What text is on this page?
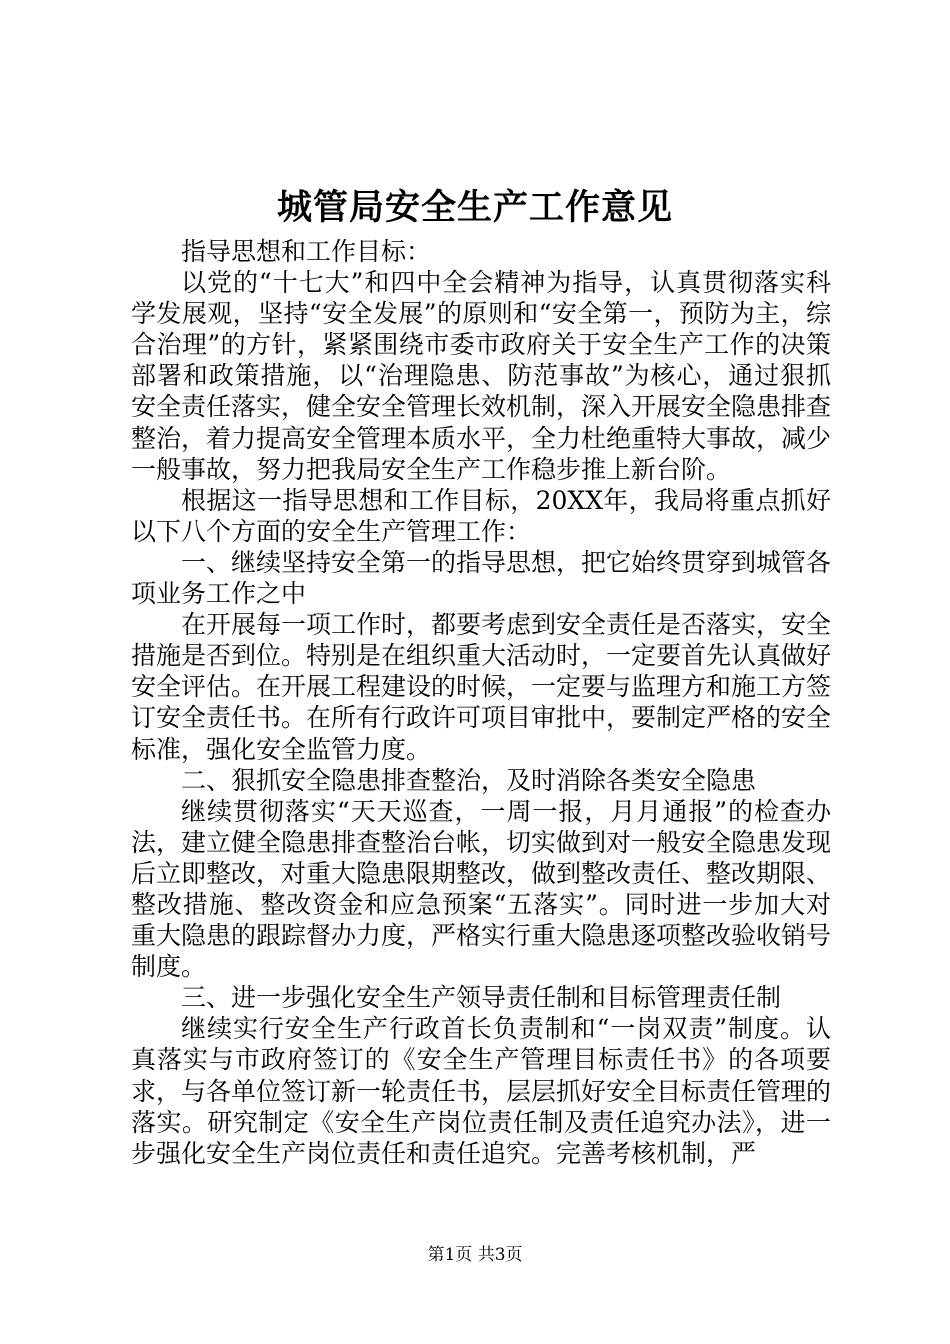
城管局安全生产工作意见

指导思想和工作目标：

以党的“十七大”和四中全会精神为指导，认真贯彻落实科学发展观，坚持“安全发展”的原则和“安全第一，预防为主，综合治理”的方针，紧紧围绕市委市政府关于安全生产工作的决策部署和政策措施，以“治理隐患、防范事故”为核心，通过狠抓安全责任落实，健全安全管理长效机制，深入开展安全隐患排查整治，着力提高安全管理本质水平，全力杜绝重特大事故，减少一般事故，努力把我局安全生产工作稳步推上新台阶。

根据这一指导思想和工作目标，20XX年，我局将重点抓好以下八个方面的安全生产管理工作：

一、继续坚持安全第一的指导思想，把它始终贯穿到城管各项业务工作之中

在开展每一项工作时，都要考虑到安全责任是否落实，安全措施是否到位。特别是在组织重大活动时，一定要首先认真做好安全评估。在开展工程建设的时候，一定要与监理方和施工方签订安全责任书。在所有行政许可项目审批中，要制定严格的安全标准，强化安全监管力度。

二、狠抓安全隐患排查整治，及时消除各类安全隐患

继续贯彻落实“天天巡查，一周一报，月月通报”的检查办法，建立健全隐患排查整治台帐，切实做到对一般安全隐患发现后立即整改，对重大隐患限期整改，做到整改责任、整改期限、整改措施、整改资金和应急预案“五落实”。同时进一步加大对重大隐患的跟踪督办力度，严格实行重大隐患逐项整改验收销号制度。

三、进一步强化安全生产领导责任制和目标管理责任制

继续实行安全生产行政首长负责制和“一岗双责”制度。认真落实与市政府签订的《安全生产管理目标责任书》的各项要求，与各单位签订新一轮责任书，层层抓好安全目标责任管理的落实。研究制定《安全生产岗位责任制及责任追究办法》，进一步强化安全生产岗位责任和责任追究。完善考核机制，严

第1页 共3页
